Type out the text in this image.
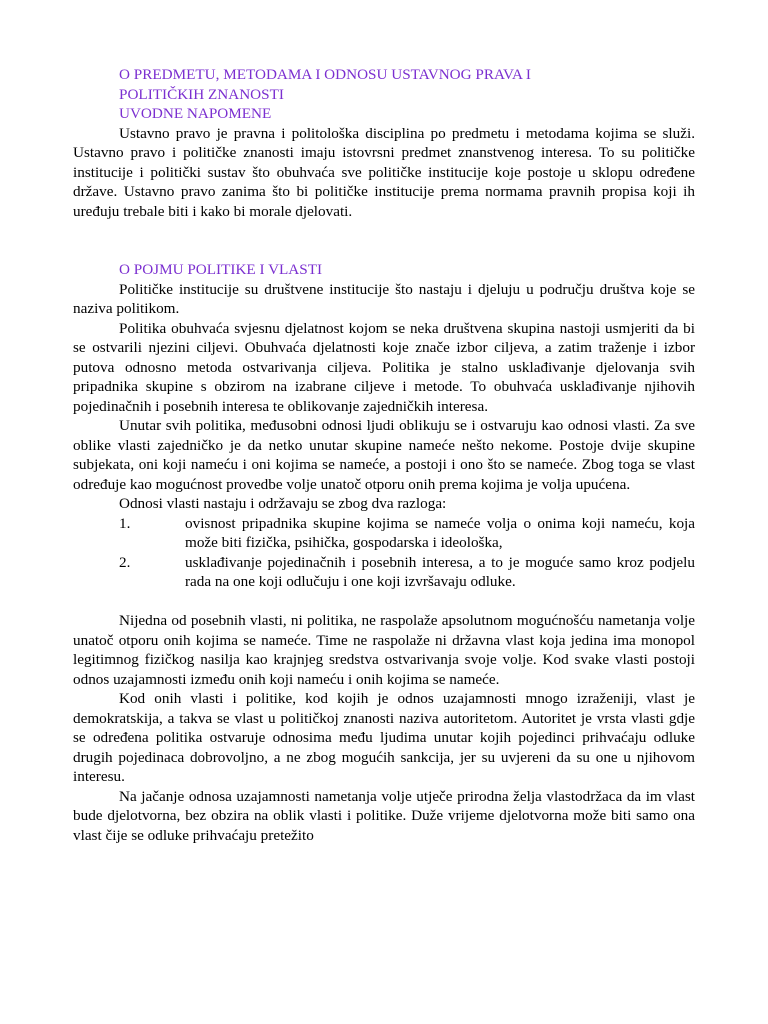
O PREDMETU, METODAMA I ODNOSU USTAVNOG PRAVA I
POLITIČKIH ZNANOSTI
UVODNE NAPOMENE

Ustavno pravo je pravna i politološka disciplina po predmetu i metodama kojima se služi. Ustavno pravo i političke znanosti imaju istovrsni predmet znanstvenog interesa. To su političke institucije i politički sustav što obuhvaća sve političke institucije koje postoje u sklopu određene države. Ustavno pravo zanima što bi političke institucije prema normama pravnih propisa koji ih uređuju trebale biti i kako bi morale djelovati.

O POJMU POLITIKE I VLASTI

Političke institucije su društvene institucije što nastaju i djeluju u području društva koje se naziva politikom.

Politika obuhvaća svjesnu djelatnost kojom se neka društvena skupina nastoji usmjeriti da bi se ostvarili njezini ciljevi. Obuhvaća djelatnosti koje znače izbor ciljeva, a zatim traženje i izbor putova odnosno metoda ostvarivanja ciljeva. Politika je stalno usklađivanje djelovanja svih pripadnika skupine s obzirom na izabrane ciljeve i metode. To obuhvaća usklađivanje njihovih pojedinačnih i posebnih interesa te oblikovanje zajedničkih interesa.

Unutar svih politika, međusobni odnosi ljudi oblikuju se i ostvaruju kao odnosi vlasti. Za sve oblike vlasti zajedničko je da netko unutar skupine nameće nešto nekome. Postoje dvije skupine subjekata, oni koji nameću i oni kojima se nameće, a postoji i ono što se nameće. Zbog toga se vlast određuje kao mogućnost provedbe volje unatoč otporu onih prema kojima je volja upućena.

Odnosi vlasti nastaju i održavaju se zbog dva razloga:

1.	ovisnost pripadnika skupine kojima se nameće volja o onima koji nameću, koja može biti fizička, psihička, gospodarska i ideološka,
2.	usklađivanje pojedinačnih i posebnih interesa, a to je moguće samo kroz podjelu rada na one koji odlučuju i one koji izvršavaju odluke.

Nijedna od posebnih vlasti, ni politika, ne raspolaže apsolutnom mogućnošću nametanja volje unatoč otporu onih kojima se nameće. Time ne raspolaže ni državna vlast koja jedina ima monopol legitimnog fizičkog nasilja kao krajnjeg sredstva ostvarivanja svoje volje. Kod svake vlasti postoji odnos uzajamnosti između onih koji nameću i onih kojima se nameće.

Kod onih vlasti i politike, kod kojih je odnos uzajamnosti mnogo izraženiji, vlast je demokratskija, a takva se vlast u političkoj znanosti naziva autoritetom. Autoritet je vrsta vlasti gdje se određena politika ostvaruje odnosima među ljudima unutar kojih pojedinci prihvaćaju odluke drugih pojedinaca dobrovoljno, a ne zbog mogućih sankcija, jer su uvjereni da su one u njihovom interesu.

Na jačanje odnosa uzajamnosti nametanja volje utječe prirodna želja vlastodržaca da im vlast bude djelotvorna, bez obzira na oblik vlasti i politike. Duže vrijeme djelotvorna može biti samo ona vlast čije se odluke prihvaćaju pretežito
